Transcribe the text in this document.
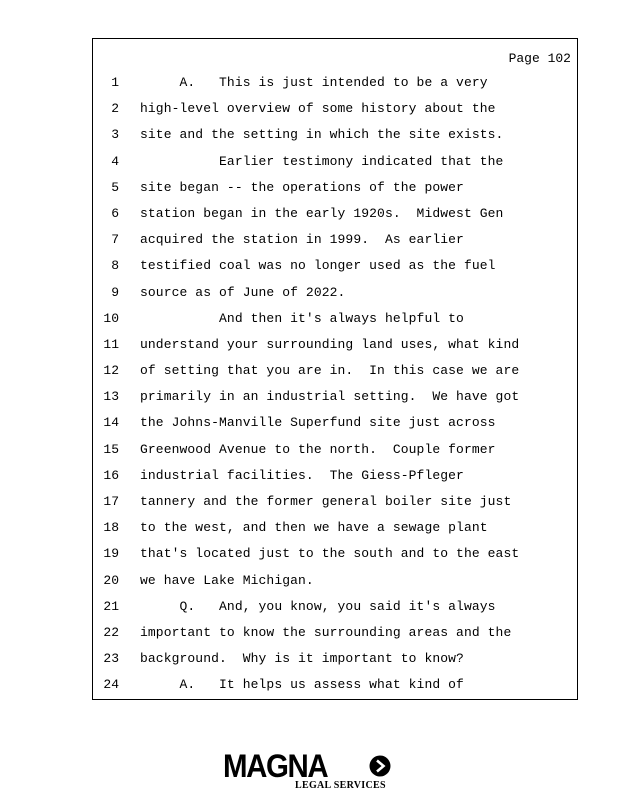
Page 102
1 A.   This is just intended to be a very
2 high-level overview of some history about the
3 site and the setting in which the site exists.
4 Earlier testimony indicated that the
5 site began -- the operations of the power
6 station began in the early 1920s.  Midwest Gen
7 acquired the station in 1999.  As earlier
8 testified coal was no longer used as the fuel
9 source as of June of 2022.
10 And then it's always helpful to
11 understand your surrounding land uses, what kind
12 of setting that you are in.  In this case we are
13 primarily in an industrial setting.  We have got
14 the Johns-Manville Superfund site just across
15 Greenwood Avenue to the north.  Couple former
16 industrial facilities.  The Giess-Pfleger
17 tannery and the former general boiler site just
18 to the west, and then we have a sewage plant
19 that's located just to the south and to the east
20 we have Lake Michigan.
21 Q.   And, you know, you said it's always
22 important to know the surrounding areas and the
23 background.  Why is it important to know?
24 A.   It helps us assess what kind of
MAGNA
LEGAL SERVICES
